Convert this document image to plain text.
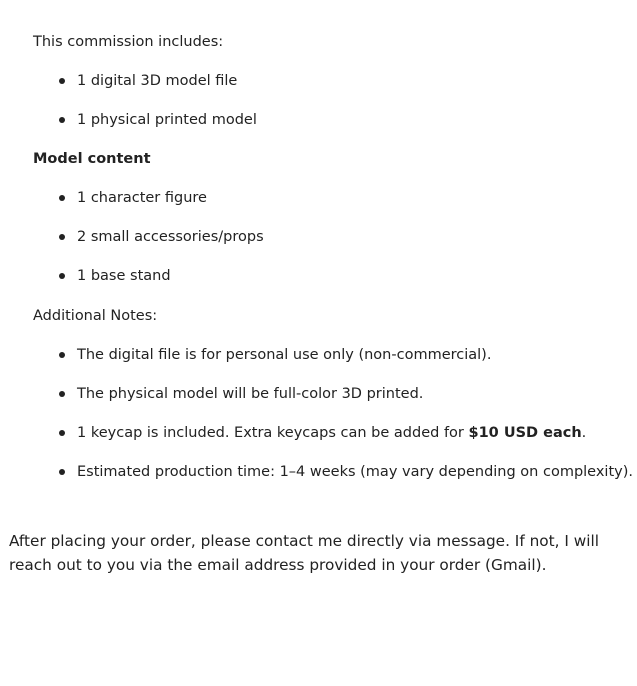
This commission includes:
1 digital 3D model file
1 physical printed model
Model content
1 character figure
2 small accessories/props
1 base stand
Additional Notes:
The digital file is for personal use only (non-commercial).
The physical model will be full-color 3D printed.
1 keycap is included. Extra keycaps can be added for $10 USD each.
Estimated production time: 1–4 weeks (may vary depending on complexity).
After placing your order, please contact me directly via message. If not, I will reach out to you via the email address provided in your order (Gmail).
